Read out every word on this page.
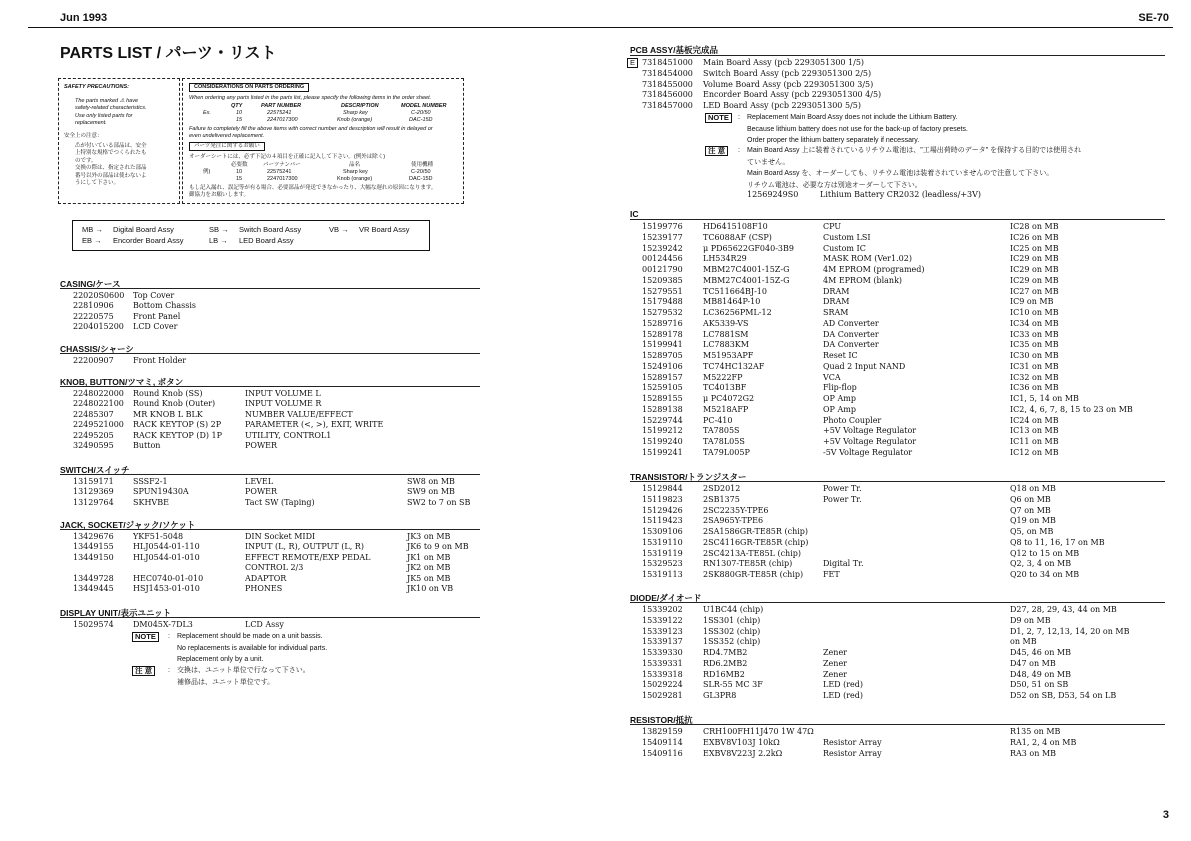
Jun 1993	SE-70
PARTS LIST / パーツ・リスト
SAFETY PRECAUTIONS:
The parts marked ⚠ have
safety-related characteristics.
Use only listed parts for
replacement.
安全上の注意：
⚠が付いている部品は、安全
上特別な規格でつくられたも
のです。
交換の際は、指定された部品
番号以外の部品は使わないよ
うにして下さい。
CONSIDERATIONS ON PARTS ORDERING
When ordering any parts listed in the parts list, please specify the following items in the order sheet.
QTY	PART NUMBER	DESCRIPTION	MODEL NUMBER
Ex.	10	22575241	Sharp key	C-20/50
15	2247017300	Knob (orange)	DAC-15D
Failure to completely fill the above items with correct number and description will result in delayed or
even undelivered replacement.
パーツ発注に関するお願い
オーダーシートには、必ず下記の４項目を正確に記入して下さい。(例外は除く)
必要数	パーツナンバー	品名	使用機種
例)	10	22575241	Sharp key	C-20/50
15	2247017300	Knob (orange)	DAC-15D
もし記入漏れ、誤記等が有る場合、必要部品が発送できなかったり、大幅な遅れの原因になります。
御協力をお願いします。
MB → Digital Board Assy	SB → Switch Board Assy	VB → VR Board Assy
EB → Encorder Board Assy	LB → LED Board Assy
CASING/ケース
22020S0600 Top Cover
22810906 Bottom Chassis
22220575 Front Panel
2204015200 LCD Cover
CHASSIS/シャーシ
22200907 Front Holder
KNOB, BUTTON/ツマミ, ボタン
2248022000 Round Knob (SS)	INPUT VOLUME L
2248022100 Round Knob (Outer)	INPUT VOLUME R
22485307 MR KNOB L BLK	NUMBER VALUE/EFFECT
2249521000 RACK KEYTOP (S) 2P	PARAMETER (<, >), EXIT, WRITE
22495205 RACK KEYTOP (D) 1P	UTILITY, CONTROL1
32490595 Button	POWER
SWITCH/スイッチ
13159171 SSSF2-1	LEVEL	SW8 on MB
13129369 SPUN19430A	POWER	SW9 on MB
13129764 SKHVBE	Tact SW (Taping)	SW2 to 7 on SB
JACK, SOCKET/ジャック/ソケット
13429676 YKF51-5048	DIN Socket MIDI	JK3 on MB
13449155 HLJ0544-01-110	INPUT (L, R), OUTPUT (L, R)	JK6 to 9 on MB
13449150 HLJ0544-01-010	EFFECT REMOTE/EXP PEDAL	JK1 on MB
CONTROL 2/3	JK2 on MB
13449728 HEC0740-01-010	ADAPTOR	JK5 on MB
13449445 HSJ1453-01-010	PHONES	JK10 on VB
DISPLAY UNIT/表示ユニット
15029574 DM045X-7DL3	LCD Assy
NOTE	: Replacement should be made on a unit bassis.
No replacements is available for individual parts.
Replacement only by a unit.
注 意	: 交換は、ユニット単位で行なって下さい。
補修品は、ユニット単位です。
PCB ASSY/基板完成品
E 7318451000 Main Board Assy (pcb 2293051300 1/5)
7318454000 Switch Board Assy (pcb 2293051300 2/5)
7318455000 Volume Board Assy (pcb 2293051300 3/5)
7318456000 Encorder Board Assy (pcb 2293051300 4/5)
7318457000 LED Board Assy (pcb 2293051300 5/5)
NOTE	: Replacement Main Board Assy does not include the Lithium Battery.
Because lithium battery does not use for the back-up of factory presets.
Order proper the lithium battery separately if necessary.
注 意	: Main Board Assy 上に装着されているリチウム電池は、"工場出荷時のデータ" を保持する目的では使用され
ていません。
Main Board Assy を、オーダーしても、リチウム電池は装着されていませんので注意して下さい。
リチウム電池は、必要な方は別途オーダーして下さい。
12569249S0	Lithium Battery CR2032 (leadless/+3V)
IC
15199776	HD6415108F10	CPU	IC28 on MB
15239177	TC6088AF (CSP)	Custom LSI	IC26 on MB
15239242	μ PD65622GF040-3B9	Custom IC	IC25 on MB
00124456	LH534R29	MASK ROM (Ver1.02)	IC29 on MB
00121790	MBM27C4001-15Z-G	4M EPROM (programed)	IC29 on MB
15209385	MBM27C4001-15Z-G	4M EPROM (blank)	IC29 on MB
15279551	TC511664BJ-10	DRAM	IC27 on MB
15179488	MB81464P-10	DRAM	IC9 on MB
15279532	LC36256PML-12	SRAM	IC10 on MB
15289716	AK5339-VS	AD Converter	IC34 on MB
15289178	LC7881SM	DA Converter	IC33 on MB
15199941	LC7883KM	DA Converter	IC35 on MB
15289705	M51953APF	Reset IC	IC30 on MB
15249106	TC74HC132AF	Quad 2 Input NAND	IC31 on MB
15289157	M5222FP	VCA	IC32 on MB
15259105	TC4013BF	Flip-flop	IC36 on MB
15289155	μ PC4072G2	OP Amp	IC1, 5, 14 on MB
15289138	M5218AFP	OP Amp	IC2, 4, 6, 7, 8, 15 to 23 on MB
15229744	PC-410	Photo Coupler	IC24 on MB
15199212	TA7805S	+5V Voltage Regulator	IC13 on MB
15199240	TA78L05S	+5V Voltage Regulator	IC11 on MB
15199241	TA79L005P	-5V Voltage Regulator	IC12 on MB
TRANSISTOR/トランジスター
15129844	2SD2012	Power Tr.	Q18 on MB
15119823	2SB1375	Power Tr.	Q6 on MB
15129426	2SC2235Y-TPE6	Q7 on MB
15119423	2SA965Y-TPE6	Q19 on MB
15309106	2SA1586GR-TE85R (chip)	Q5, on MB
15319110	2SC4116GR-TE85R (chip)	Q8 to 11, 16, 17 on MB
15319119	2SC4213A-TE85L (chip)	Q12 to 15 on MB
15329523	RN1307-TE85R (chip)	Digital Tr.	Q2, 3, 4 on MB
15319113	2SK880GR-TE85R (chip) FET	Q20 to 34 on MB
DIODE/ダイオード
15339202	U1BC44 (chip)	D27, 28, 29, 43, 44 on MB
15339122	1SS301 (chip)	D9 on MB
15339123	1SS302 (chip)	D1, 2, 7, 12,13, 14, 20 on MB
15339137	1SS352 (chip)	on MB
15339330	RD4.7MB2	Zener	D45, 46 on MB
15339331	RD6.2MB2	Zener	D47 on MB
15339318	RD16MB2	Zener	D48, 49 on MB
15029224	SLR-55 MC 3F	LED (red)	D50, 51 on SB
15029281	GL3PR8	LED (red)	D52 on SB, D53, 54 on LB
RESISTOR/抵抗
13829159	CRH100FH11J470 1W 47Ω	R135 on MB
15409114	EXBV8V103J 10kΩ	Resistor Array	RA1, 2, 4 on MB
15409116	EXBV8V223J 2.2kΩ	Resistor Array	RA3 on MB
3
